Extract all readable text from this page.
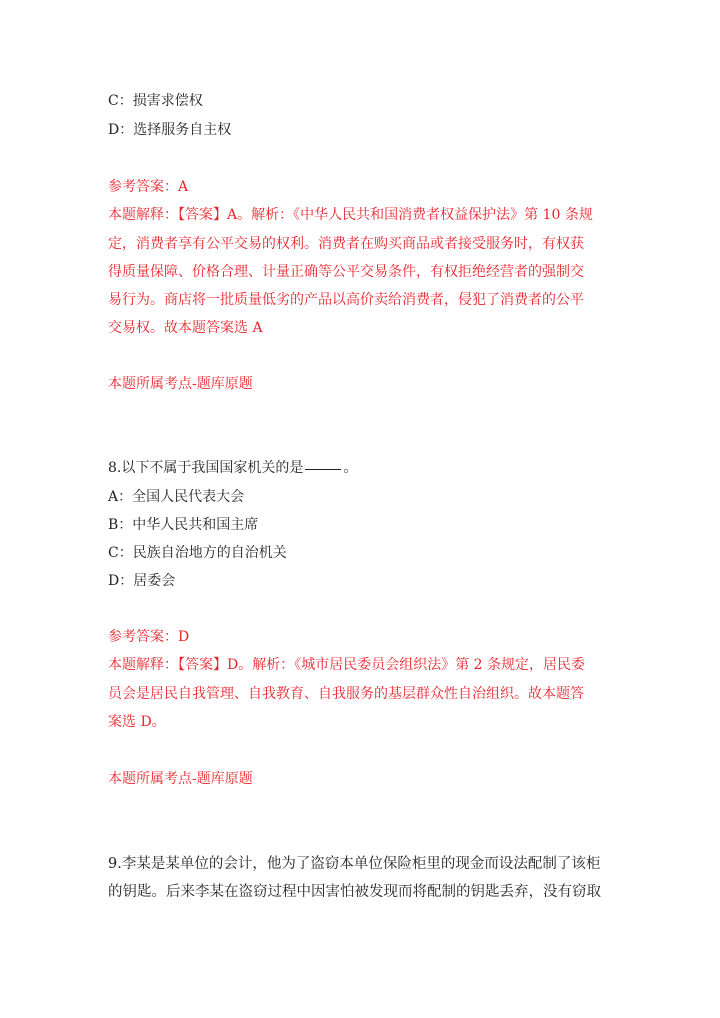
C：损害求偿权
D：选择服务自主权
参考答案：A
本题解释：【答案】A。解析：《中华人民共和国消费者权益保护法》第 10 条规
定，消费者享有公平交易的权利。消费者在购买商品或者接受服务时，有权获
得质量保障、价格合理、计量正确等公平交易条件，有权拒绝经营者的强制交
易行为。商店将一批质量低劣的产品以高价卖给消费者，侵犯了消费者的公平
交易权。故本题答案选 A
本题所属考点-题库原题
8.以下不属于我国国家机关的是	。
A：全国人民代表大会
B：中华人民共和国主席
C：民族自治地方的自治机关
D：居委会
参考答案：D
本题解释：【答案】D。解析：《城市居民委员会组织法》第 2 条规定，居民委
员会是居民自我管理、自我教育、自我服务的基层群众性自治组织。故本题答
案选 D。
本题所属考点-题库原题
9.李某是某单位的会计，他为了盗窃本单位保险柜里的现金而设法配制了该柜
的钥匙。后来李某在盗窃过程中因害怕被发现而将配制的钥匙丢弃，没有窃取
